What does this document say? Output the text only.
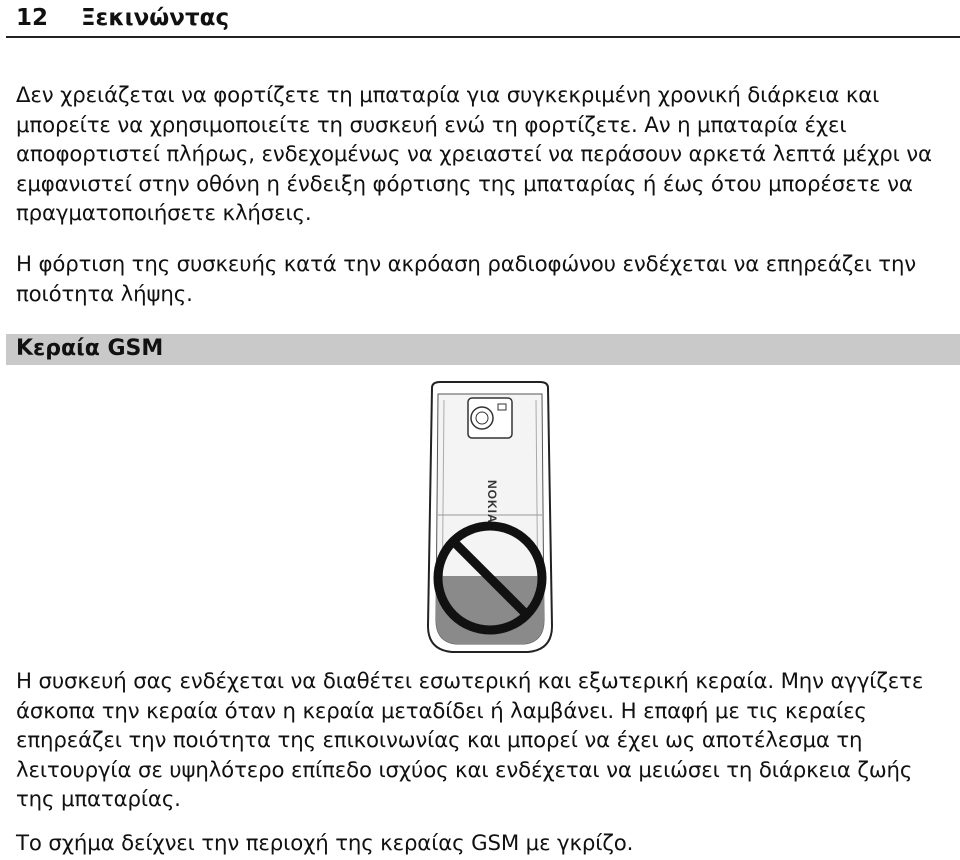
12 Ξεκινώντας

Δεν χρειάζεται να φορτίζετε τη μπαταρία για συγκεκριμένη χρονική διάρκεια και μπορείτε να χρησιμοποιείτε τη συσκευή ενώ τη φορτίζετε. Αν η μπαταρία έχει αποφορτιστεί πλήρως, ενδεχομένως να χρειαστεί να περάσουν αρκετά λεπτά μέχρι να εμφανιστεί στην οθόνη η ένδειξη φόρτισης της μπαταρίας ή έως ότου μπορέσετε να πραγματοποιήσετε κλήσεις.

Η φόρτιση της συσκευής κατά την ακρόαση ραδιοφώνου ενδέχεται να επηρεάζει την ποιότητα λήψης.

Κεραία GSM
NOKIA

Η συσκευή σας ενδέχεται να διαθέτει εσωτερική και εξωτερική κεραία. Μην αγγίζετε άσκοπα την κεραία όταν η κεραία μεταδίδει ή λαμβάνει. Η επαφή με τις κεραίες επηρεάζει την ποιότητα της επικοινωνίας και μπορεί να έχει ως αποτέλεσμα τη λειτουργία σε υψηλότερο επίπεδο ισχύος και ενδέχεται να μειώσει τη διάρκεια ζωής της μπαταρίας.

Το σχήμα δείχνει την περιοχή της κεραίας GSM με γκρίζο.
